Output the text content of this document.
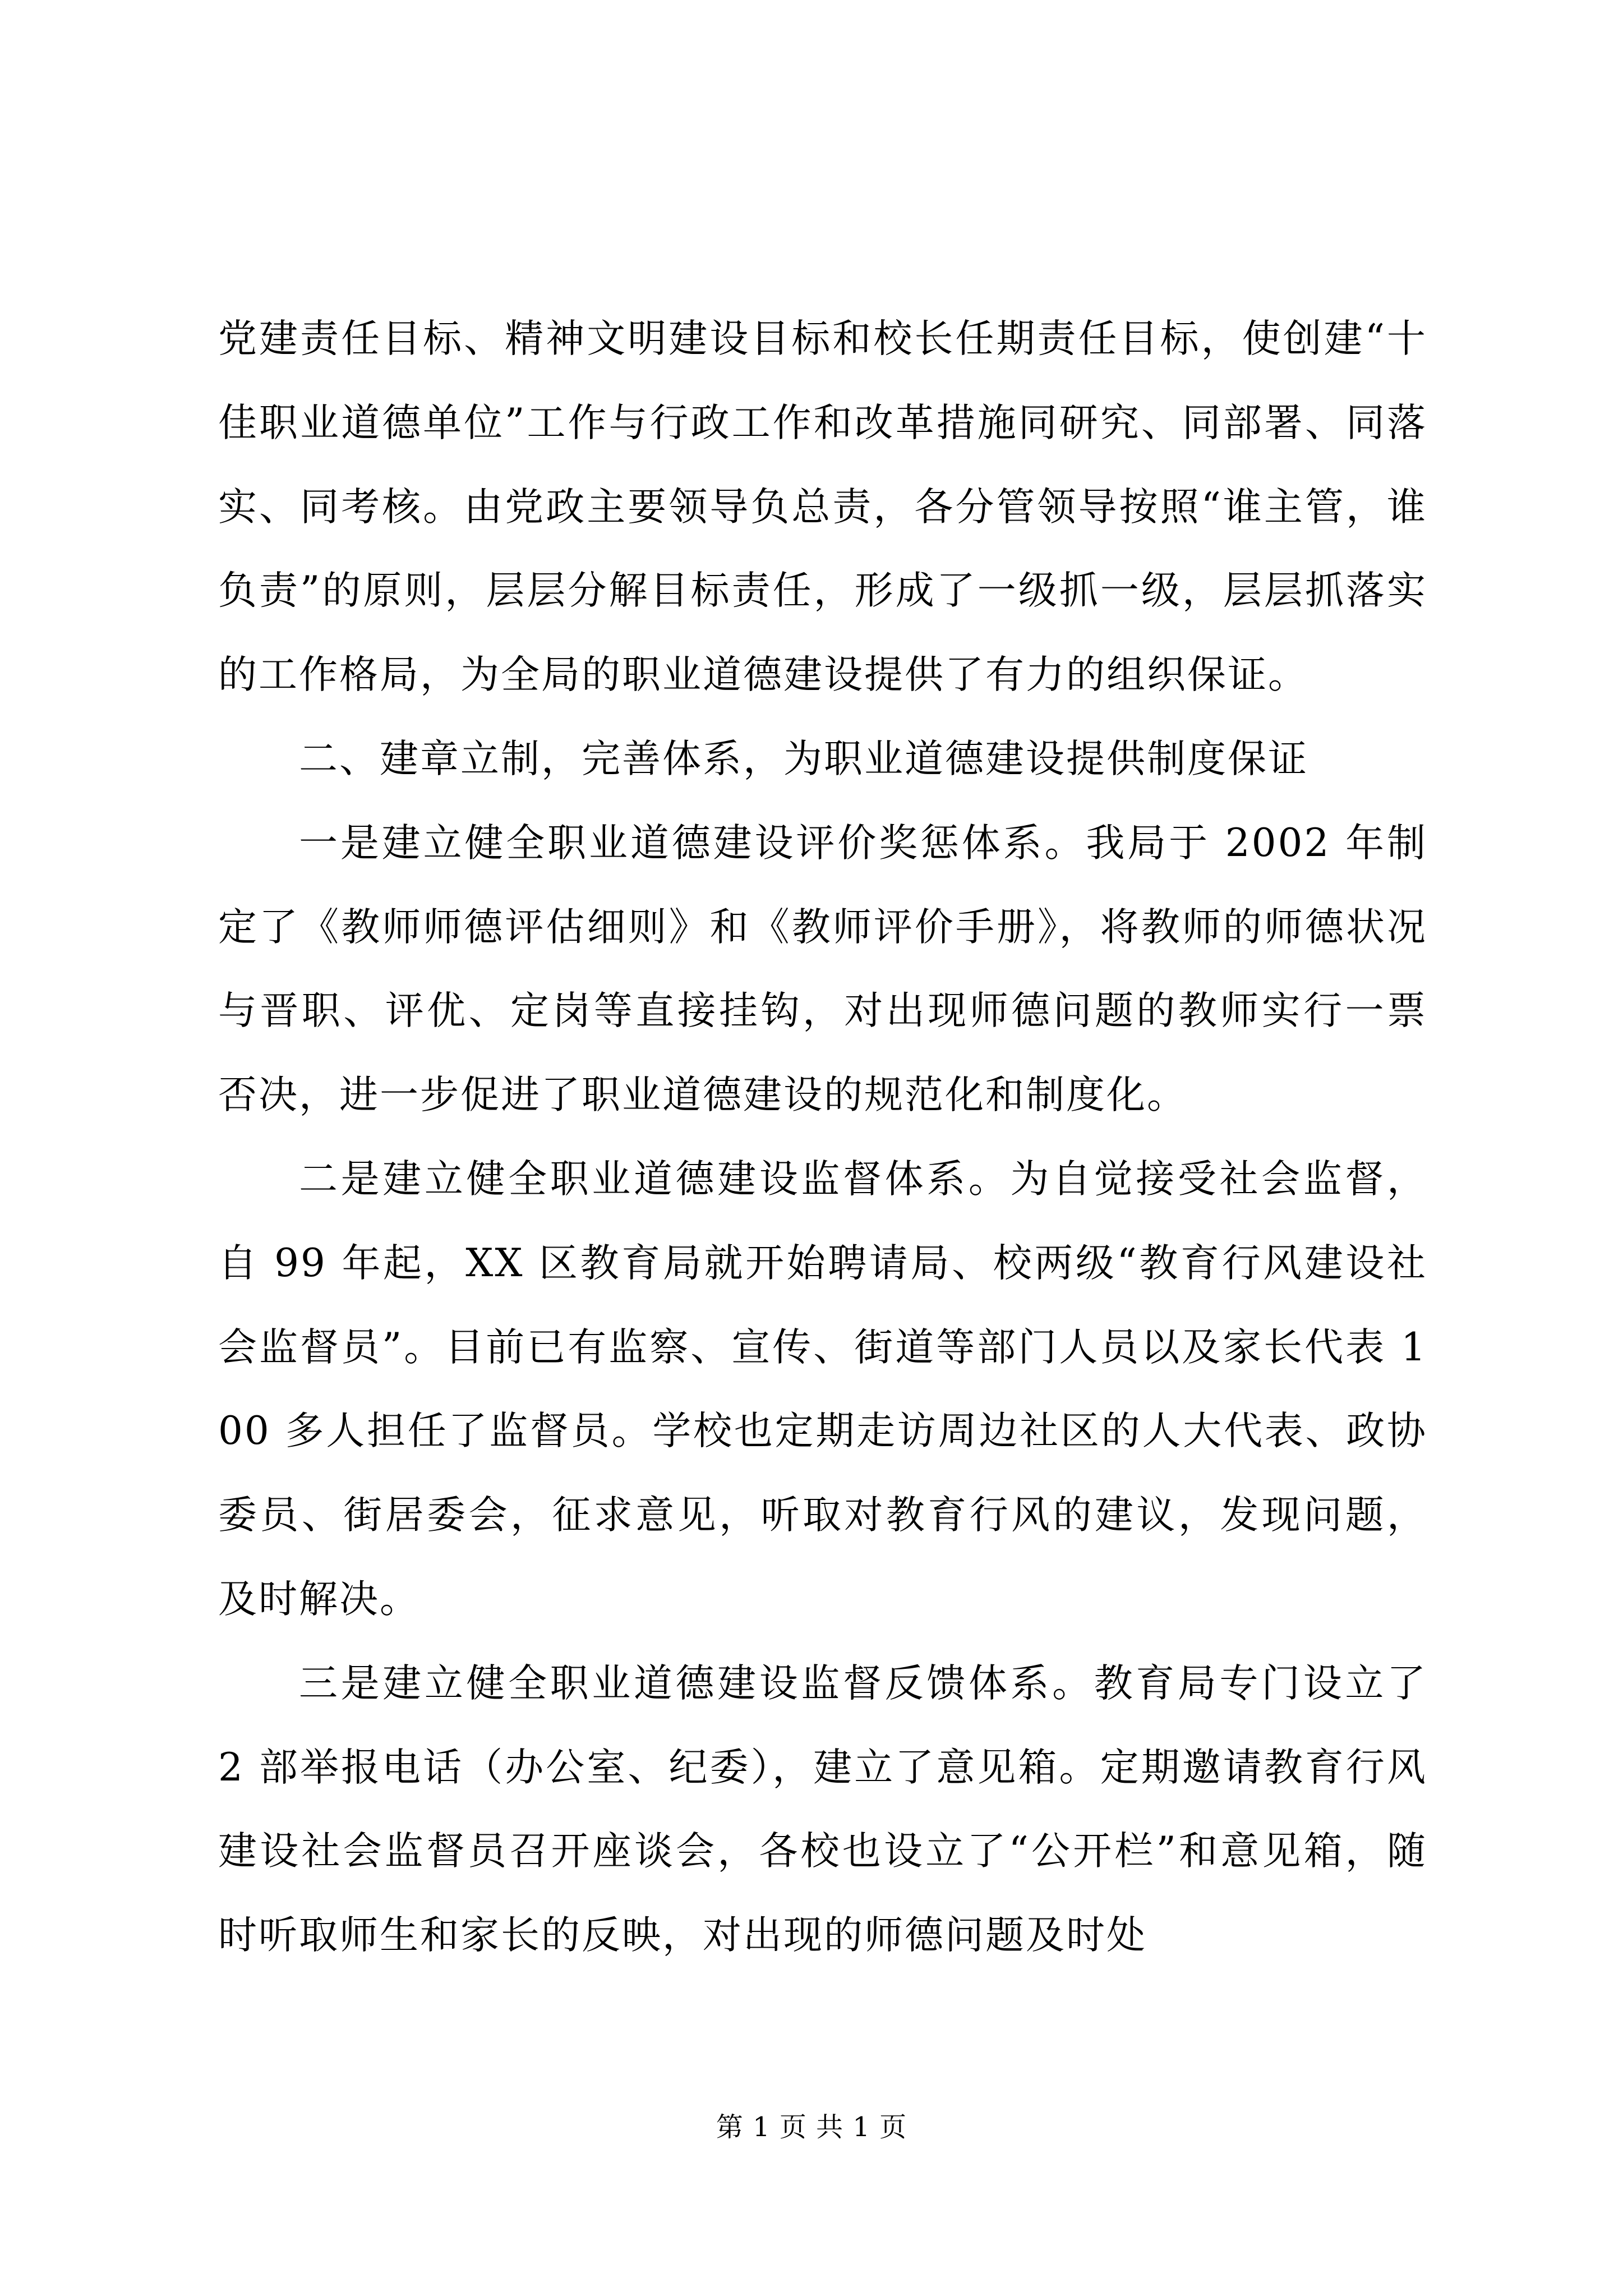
党建责任目标、精神文明建设目标和校长任期责任目标，使创建“十佳职业道德单位”工作与行政工作和改革措施同研究、同部署、同落实、同考核。由党政主要领导负总责，各分管领导按照“谁主管，谁负责”的原则，层层分解目标责任，形成了一级抓一级，层层抓落实的工作格局，为全局的职业道德建设提供了有力的组织保证。

二、建章立制，完善体系，为职业道德建设提供制度保证

一是建立健全职业道德建设评价奖惩体系。我局于 2002 年制定了《教师师德评估细则》和《教师评价手册》，将教师的师德状况与晋职、评优、定岗等直接挂钩，对出现师德问题的教师实行一票否决，进一步促进了职业道德建设的规范化和制度化。

二是建立健全职业道德建设监督体系。为自觉接受社会监督，自 99 年起，XX 区教育局就开始聘请局、校两级“教育行风建设社会监督员”。目前已有监察、宣传、街道等部门人员以及家长代表 100 多人担任了监督员。学校也定期走访周边社区的人大代表、政协委员、街居委会，征求意见，听取对教育行风的建议，发现问题，及时解决。

三是建立健全职业道德建设监督反馈体系。教育局专门设立了 2 部举报电话（办公室、纪委），建立了意见箱。定期邀请教育行风建设社会监督员召开座谈会，各校也设立了“公开栏”和意见箱，随时听取师生和家长的反映，对出现的师德问题及时处

第 1 页 共 1 页
